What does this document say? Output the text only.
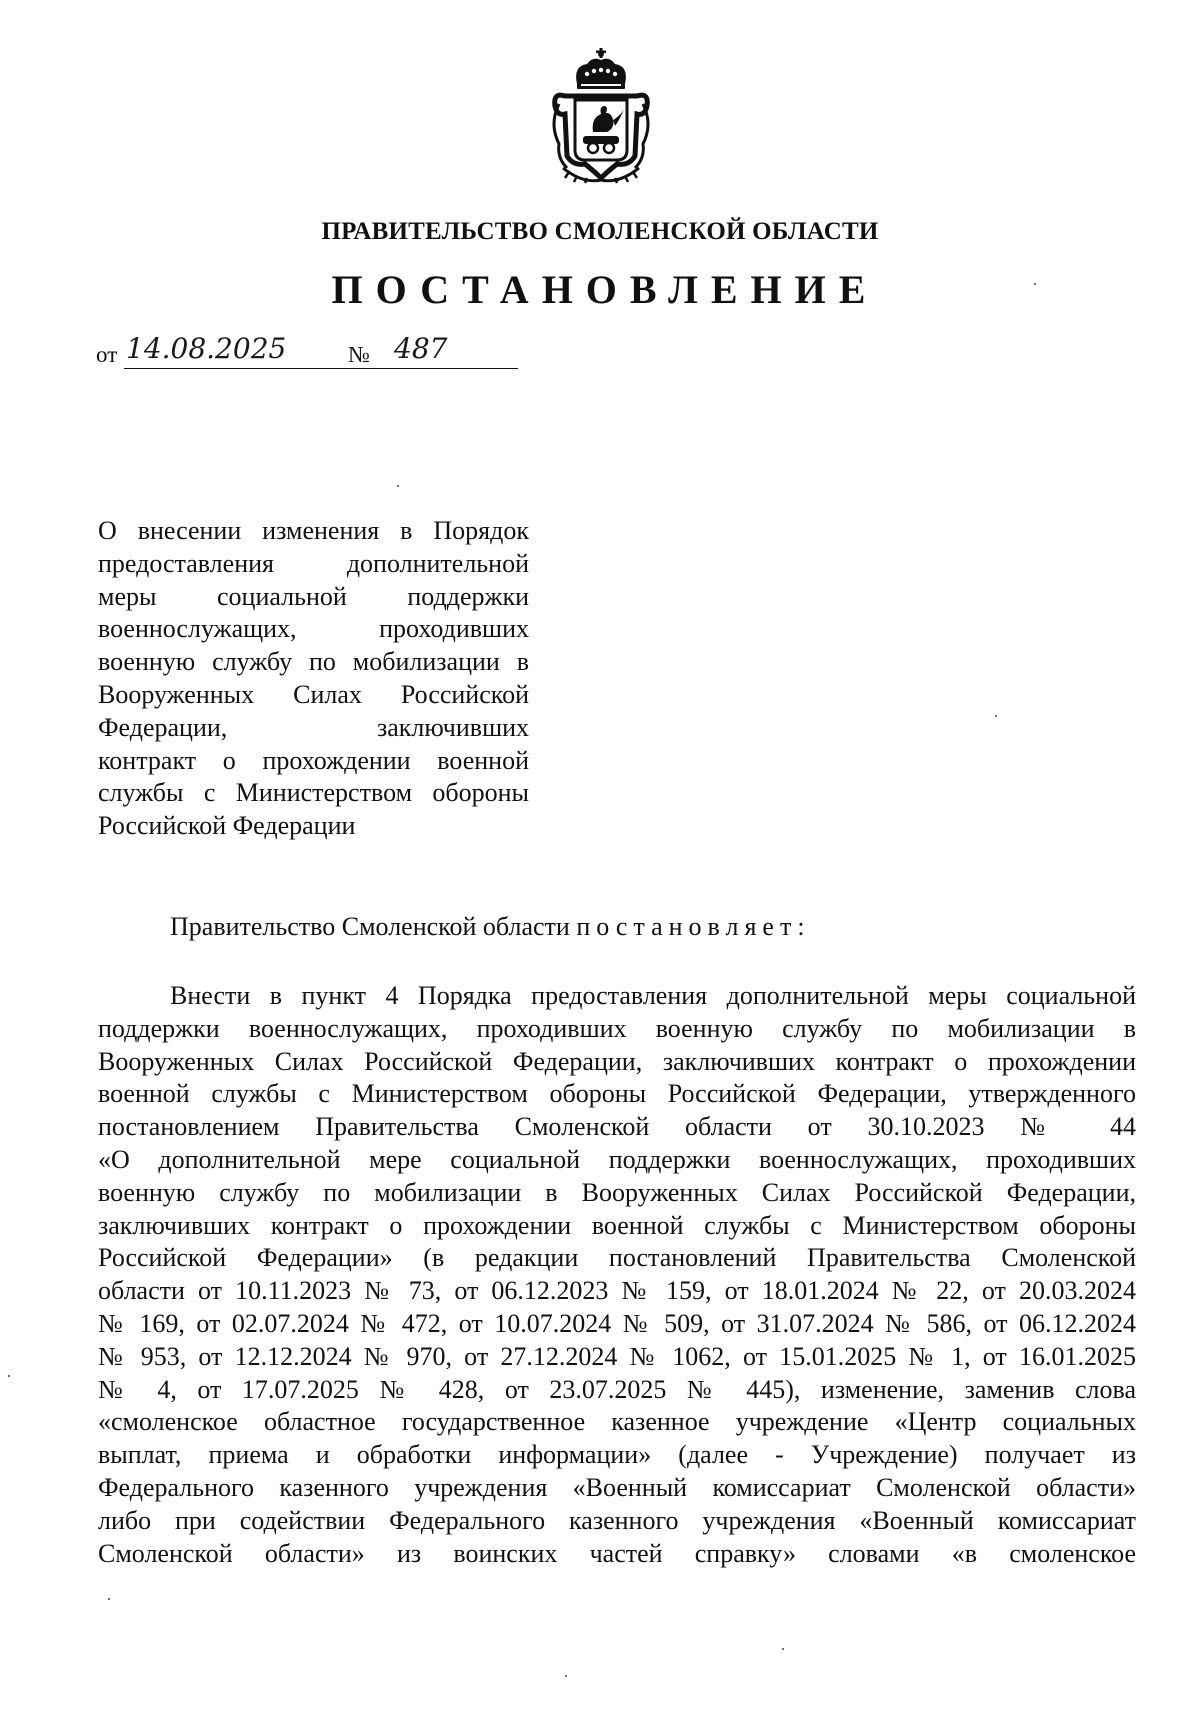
ПРАВИТЕЛЬСТВО СМОЛЕНСКОЙ ОБЛАСТИ
ПОСТАНОВЛЕНИЕ
от 14.08.2025	№ 487
О внесении изменения в Порядок
предоставления дополнительной
меры социальной поддержки
военнослужащих, проходивших
военную службу по мобилизации в
Вооруженных Силах Российской
Федерации, заключивших
контракт о прохождении военной
службы с Министерством обороны
Российской Федерации
Правительство Смоленской области постановляет:
Внести в пункт 4 Порядка предоставления дополнительной меры социальной
поддержки военнослужащих, проходивших военную службу по мобилизации в
Вооруженных Силах Российской Федерации, заключивших контракт о прохождении
военной службы с Министерством обороны Российской Федерации, утвержденного
постановлением Правительства Смоленской области от 30.10.2023 № 44
«О дополнительной мере социальной поддержки военнослужащих, проходивших
военную службу по мобилизации в Вооруженных Силах Российской Федерации,
заключивших контракт о прохождении военной службы с Министерством обороны
Российской Федерации» (в редакции постановлений Правительства Смоленской
области от 10.11.2023 № 73, от 06.12.2023 № 159, от 18.01.2024 № 22, от 20.03.2024
№ 169, от 02.07.2024 № 472, от 10.07.2024 № 509, от 31.07.2024 № 586, от 06.12.2024
№ 953, от 12.12.2024 № 970, от 27.12.2024 № 1062, от 15.01.2025 № 1, от 16.01.2025
№ 4, от 17.07.2025 № 428, от 23.07.2025 № 445), изменение, заменив слова
«смоленское областное государственное казенное учреждение «Центр социальных
выплат, приема и обработки информации» (далее - Учреждение) получает из
Федерального казенного учреждения «Военный комиссариат Смоленской области»
либо при содействии Федерального казенного учреждения «Военный комиссариат
Смоленской области» из воинских частей справку» словами «в смоленское
